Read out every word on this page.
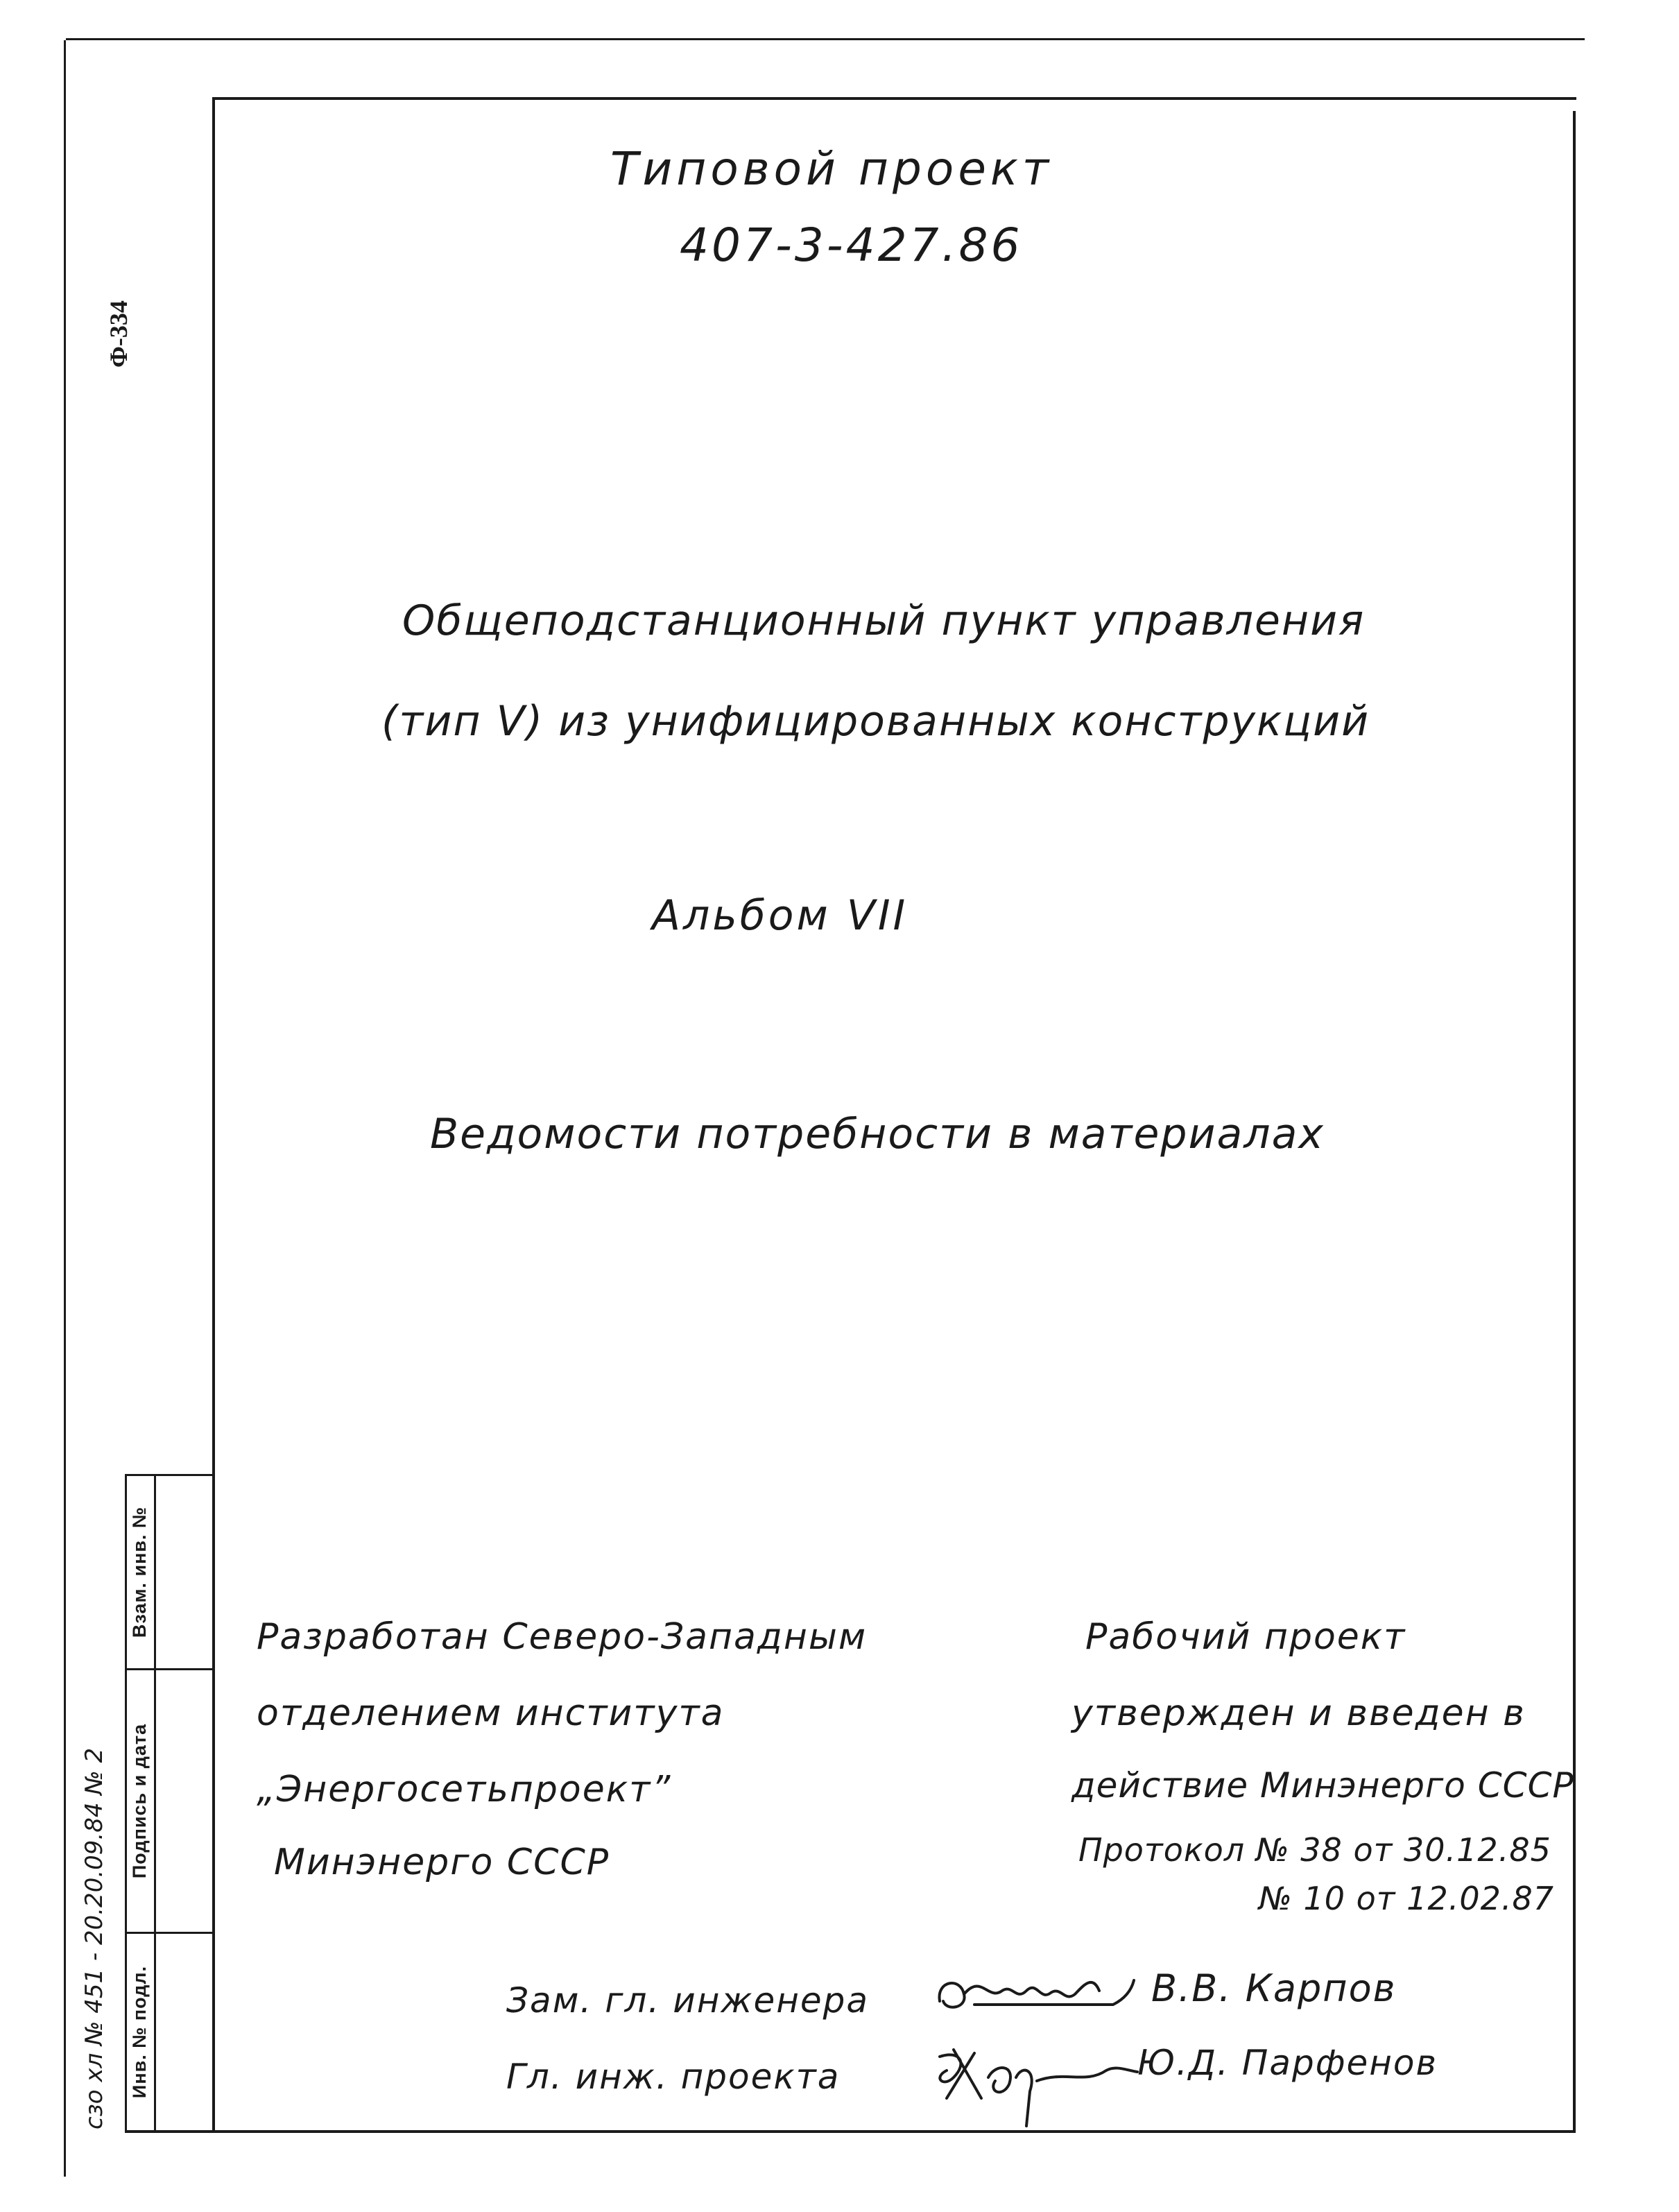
Ф-334
сзо хл № 451 - 20.20.09.84 № 2
Взам. инв. №
Подпись и дата
Инв. № подл.
Типовой проект
407-3-427.86
Общеподстанционный пункт управления
(тип V) из унифицированных конструкций
Альбом VII
Ведомости потребности в материалах
Разработан Северо-Западным
отделением института
„Энергосетьпроект”
Минэнерго СССР
Рабочий проект
утвержден и введен в
действие Минэнерго СССР
Протокол № 38 от 30.12.85
№ 10 от 12.02.87
Зам. гл. инженера	В.В. Карпов
Гл. инж. проекта	Ю.Д. Парфенов
